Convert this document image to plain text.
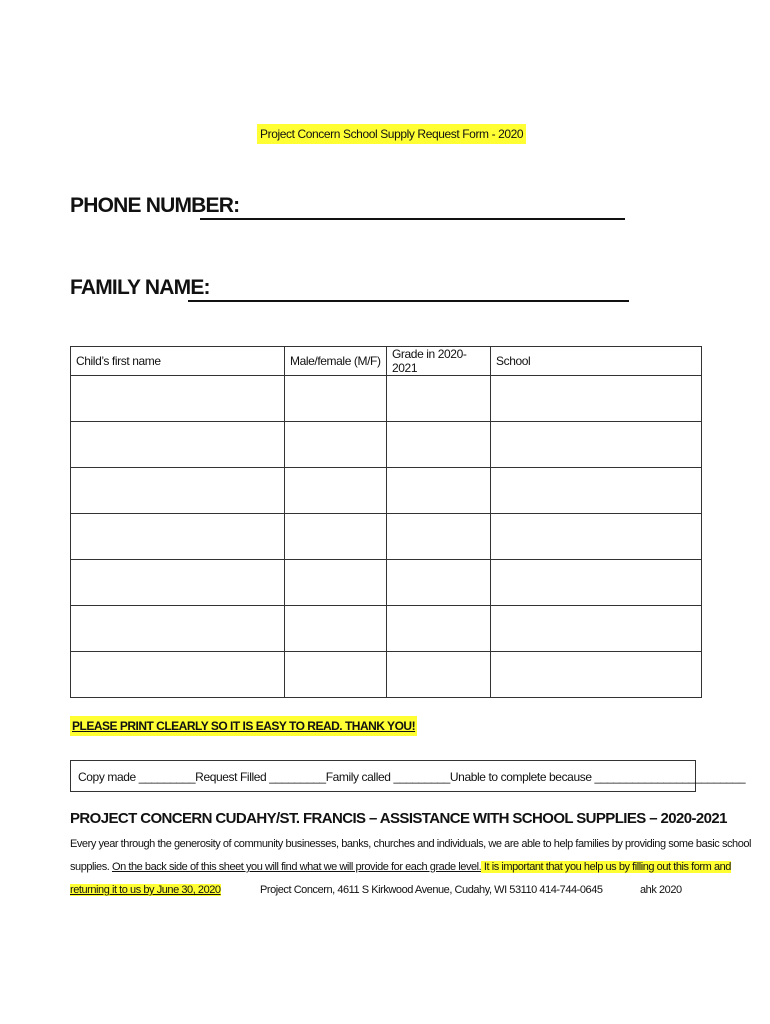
Project Concern School Supply Request Form - 2020
PHONE NUMBER:
FAMILY NAME:
Child’s first name	Male/female (M/F)	Grade in 2020-2021	School

PLEASE PRINT CLEARLY SO IT IS EASY TO READ. THANK YOU!
Copy made _________Request Filled _________Family called _________Unable to complete because ________________________
PROJECT CONCERN CUDAHY/ST. FRANCIS – ASSISTANCE WITH SCHOOL SUPPLIES – 2020-2021
Every year through the generosity of community businesses, banks, churches and individuals, we are able to help families by providing some basic school
supplies. On the back side of this sheet you will find what we will provide for each grade level. It is important that you help us by filling out this form and
returning it to us by June 30, 2020	Project Concern, 4611 S Kirkwood Avenue, Cudahy, WI 53110 414-744-0645	ahk 2020
